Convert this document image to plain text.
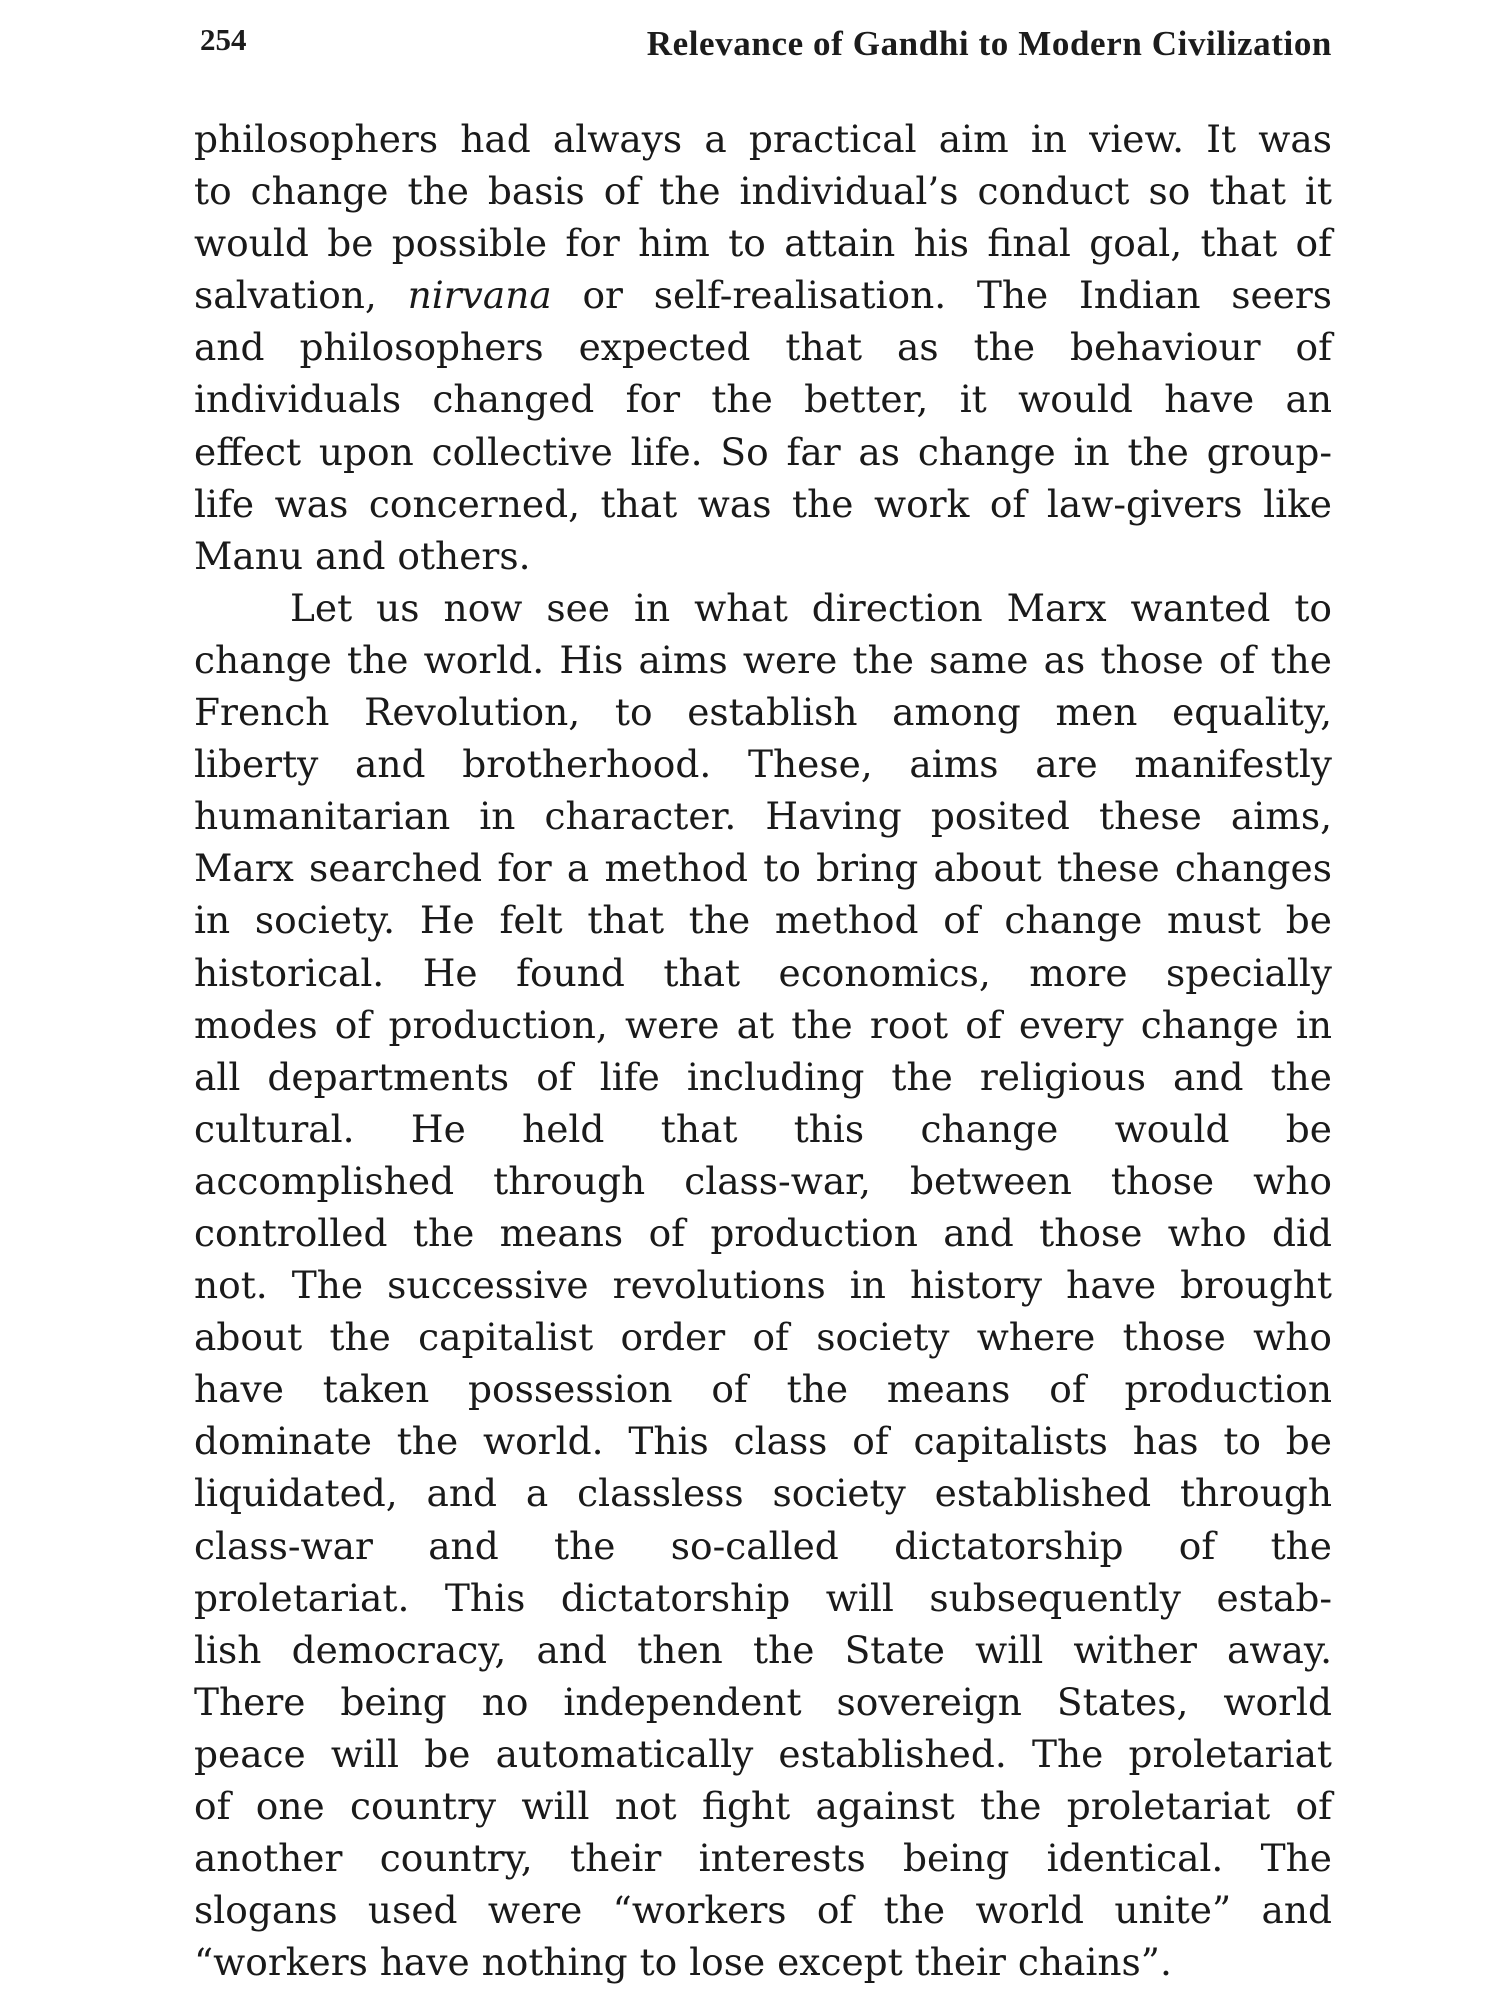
254	Relevance of Gandhi to Modern Civilization
philosophers had always a practical aim in view. It was
to change the basis of the individual’s conduct so that it
would be possible for him to attain his final goal, that of
salvation, nirvana or self-realisation. The Indian seers
and philosophers expected that as the behaviour of
individuals changed for the better, it would have an
effect upon collective life. So far as change in the group-
life was concerned, that was the work of law-givers like
Manu and others.
Let us now see in what direction Marx wanted to
change the world. His aims were the same as those of the
French Revolution, to establish among men equality,
liberty and brotherhood. These, aims are manifestly
humanitarian in character. Having posited these aims,
Marx searched for a method to bring about these changes
in society. He felt that the method of change must be
historical. He found that economics, more specially
modes of production, were at the root of every change in
all departments of life including the religious and the
cultural. He held that this change would be
accomplished through class-war, between those who
controlled the means of production and those who did
not. The successive revolutions in history have brought
about the capitalist order of society where those who
have taken possession of the means of production
dominate the world. This class of capitalists has to be
liquidated, and a classless society established through
class-war and the so-called dictatorship of the
proletariat. This dictatorship will subsequently estab-
lish democracy, and then the State will wither away.
There being no independent sovereign States, world
peace will be automatically established. The proletariat
of one country will not fight against the proletariat of
another country, their interests being identical. The
slogans used were “workers of the world unite” and
“workers have nothing to lose except their chains”.
